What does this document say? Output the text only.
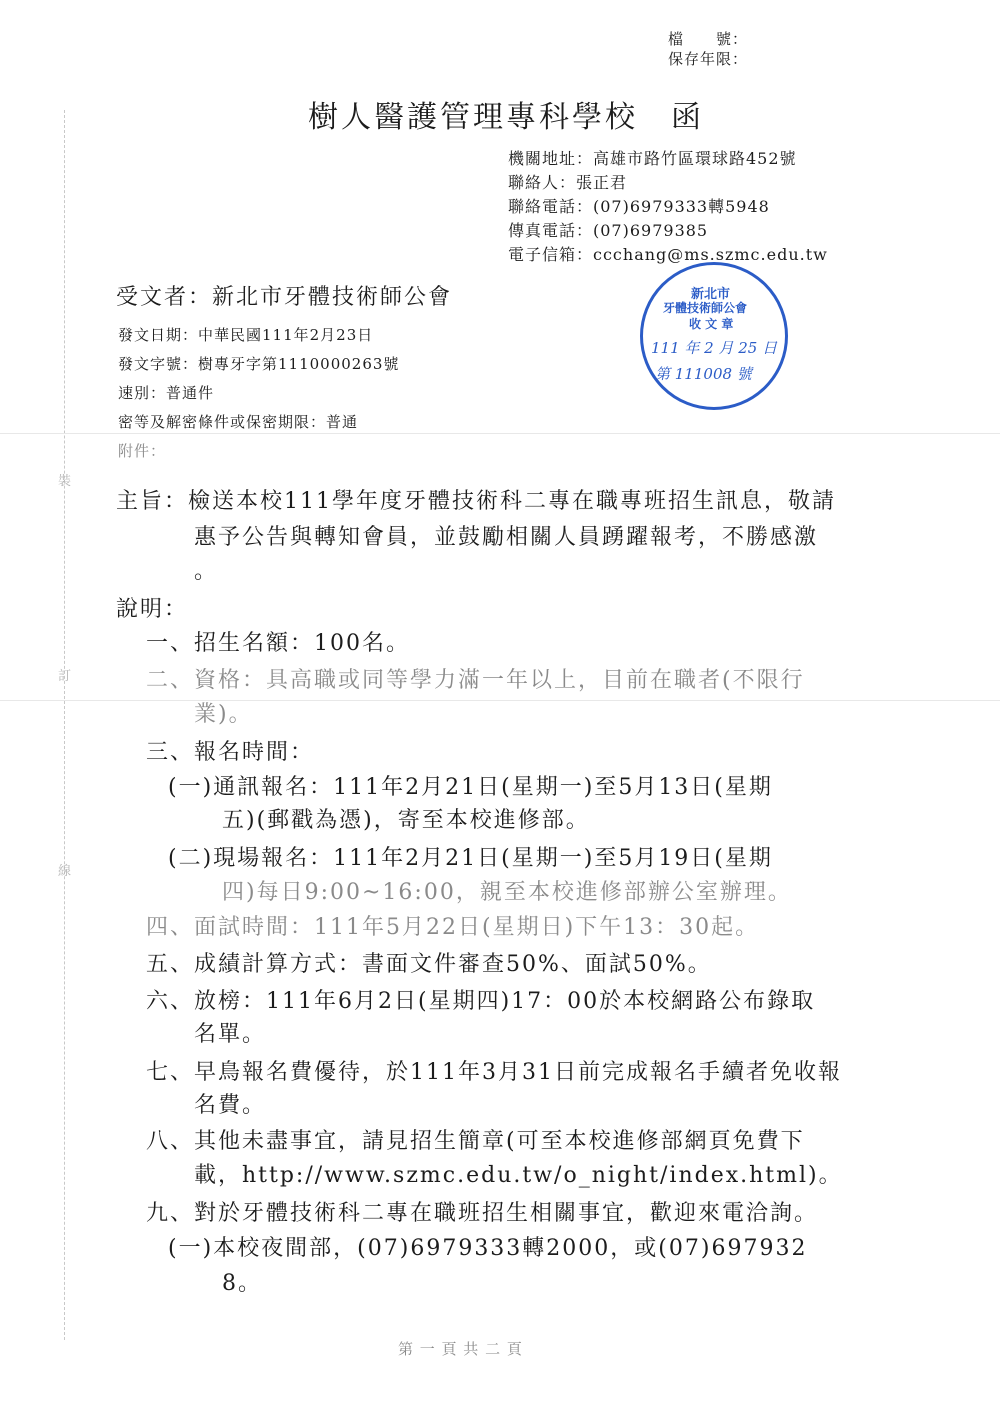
裝
訂
線
檔　　號：
保存年限：
樹人醫護管理專科學校　函
機關地址：高雄市路竹區環球路452號
聯絡人：張正君
聯絡電話：(07)6979333轉5948
傳真電話：(07)6979385
電子信箱：ccchang@ms.szmc.edu.tw
受文者：新北市牙體技術師公會
發文日期：中華民國111年2月23日
發文字號：樹專牙字第1110000263號
速別：普通件
密等及解密條件或保密期限：普通
附件：
新北市
牙體技術師公會
收 文 章
111 年 2 月 25 日
第 111008 號
主旨：檢送本校111學年度牙體技術科二專在職專班招生訊息，敬請
惠予公告與轉知會員，並鼓勵相關人員踴躍報考，不勝感激
。
說明：
一、招生名額：100名。
二、資格：具高職或同等學力滿一年以上，目前在職者(不限行
業)。
三、報名時間：
(一)通訊報名：111年2月21日(星期一)至5月13日(星期
五)(郵戳為憑)，寄至本校進修部。
(二)現場報名：111年2月21日(星期一)至5月19日(星期
四)每日9:00~16:00，親至本校進修部辦公室辦理。
四、面試時間：111年5月22日(星期日)下午13：30起。
五、成績計算方式：書面文件審查50%、面試50%。
六、放榜：111年6月2日(星期四)17：00於本校網路公布錄取
名單。
七、早鳥報名費優待，於111年3月31日前完成報名手續者免收報
名費。
八、其他未盡事宜，請見招生簡章(可至本校進修部網頁免費下
載，http://www.szmc.edu.tw/o_night/index.html)。
九、對於牙體技術科二專在職班招生相關事宜，歡迎來電洽詢。
(一)本校夜間部，(07)6979333轉2000，或(07)697932
8。
第 一 頁 共 二 頁
